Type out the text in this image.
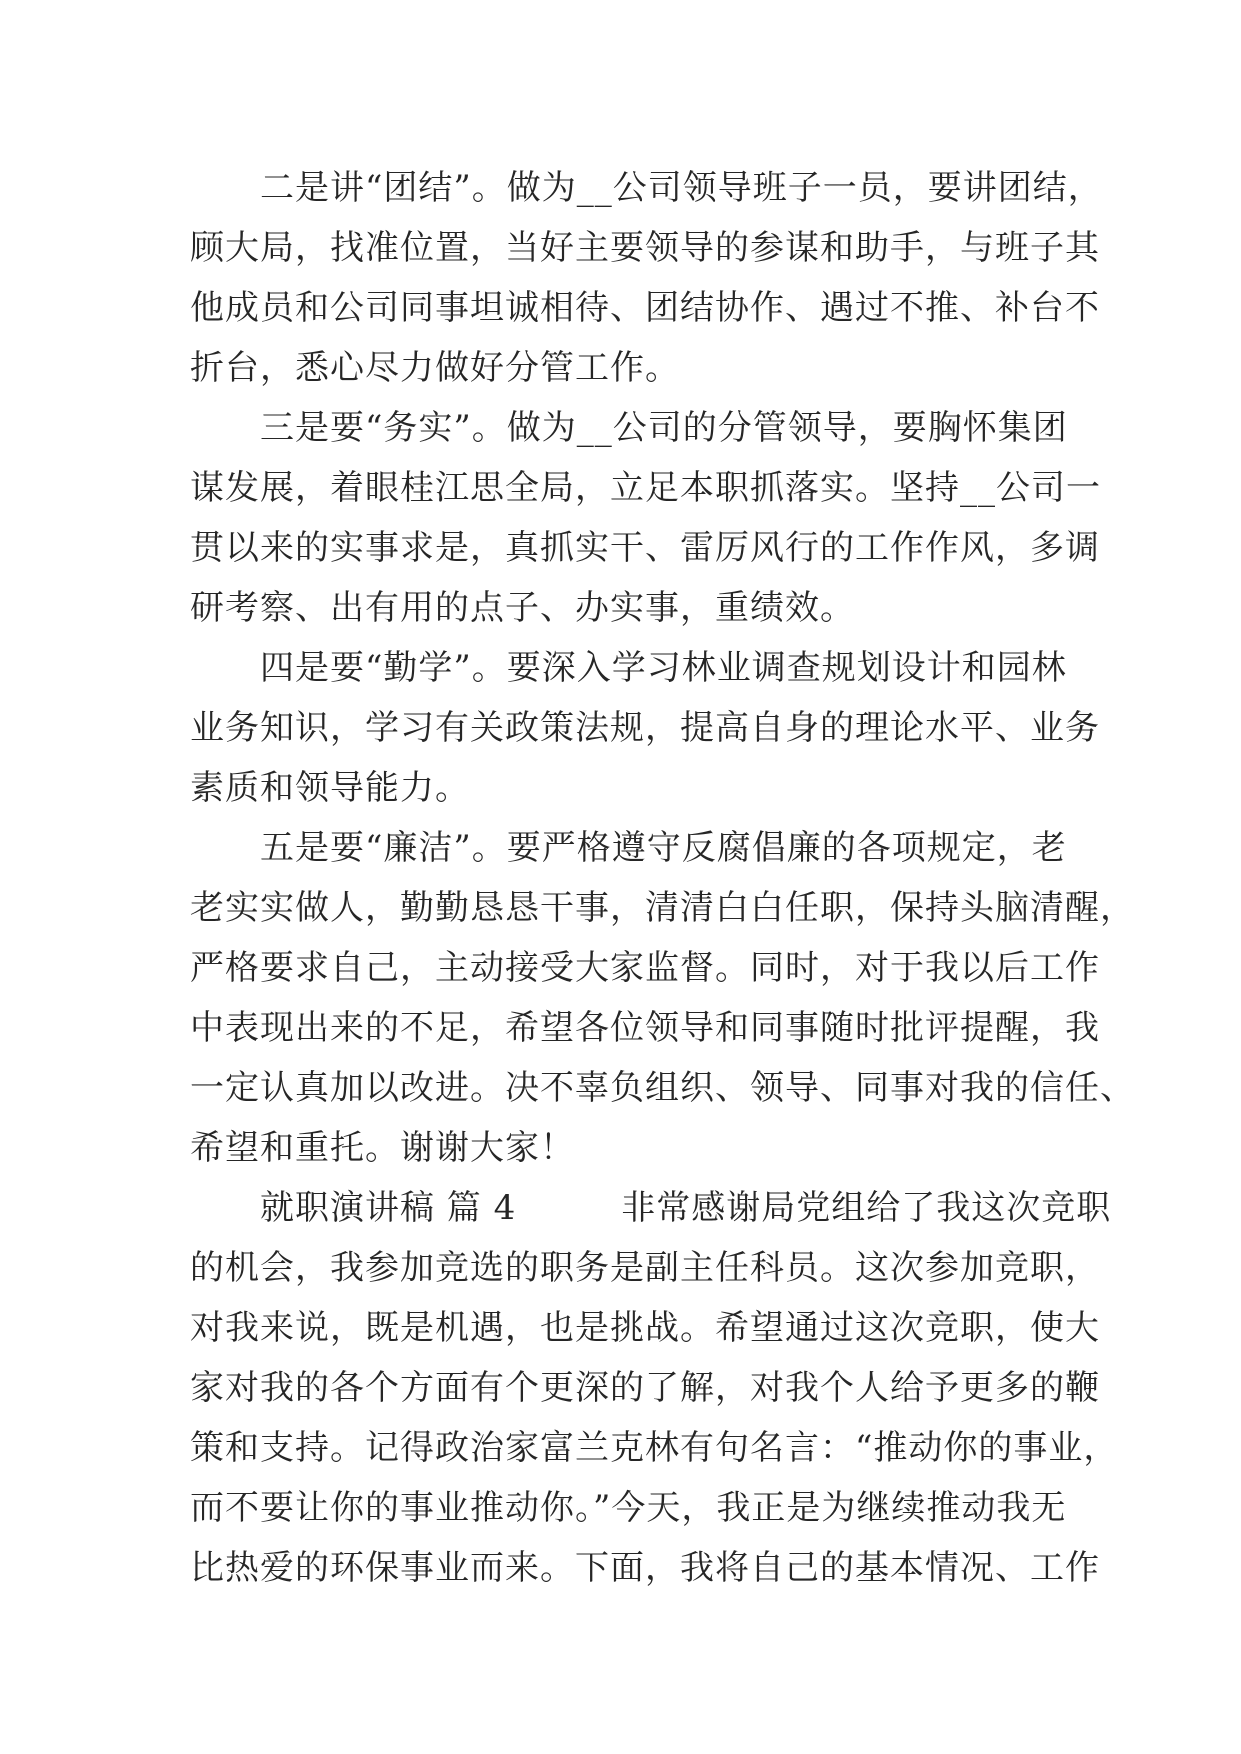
　　二是讲“团结”。做为__公司领导班子一员，要讲团结，
顾大局，找准位置，当好主要领导的参谋和助手，与班子其
他成员和公司同事坦诚相待、团结协作、遇过不推、补台不
折台，悉心尽力做好分管工作。
　　三是要“务实”。做为__公司的分管领导，要胸怀集团
谋发展，着眼桂江思全局，立足本职抓落实。坚持__公司一
贯以来的实事求是，真抓实干、雷厉风行的工作作风，多调
研考察、出有用的点子、办实事，重绩效。
　　四是要“勤学”。要深入学习林业调查规划设计和园林
业务知识，学习有关政策法规，提高自身的理论水平、业务
素质和领导能力。
　　五是要“廉洁”。要严格遵守反腐倡廉的各项规定，老
老实实做人，勤勤恳恳干事，清清白白任职，保持头脑清醒，
严格要求自己，主动接受大家监督。同时，对于我以后工作
中表现出来的不足，希望各位领导和同事随时批评提醒，我
一定认真加以改进。决不辜负组织、领导、同事对我的信任、
希望和重托。谢谢大家！
　　就职演讲稿 篇 4　　　非常感谢局党组给了我这次竞职
的机会，我参加竞选的职务是副主任科员。这次参加竞职，
对我来说，既是机遇，也是挑战。希望通过这次竞职，使大
家对我的各个方面有个更深的了解，对我个人给予更多的鞭
策和支持。记得政治家富兰克林有句名言：“推动你的事业，
而不要让你的事业推动你。”今天，我正是为继续推动我无
比热爱的环保事业而来。下面，我将自己的基本情况、工作
